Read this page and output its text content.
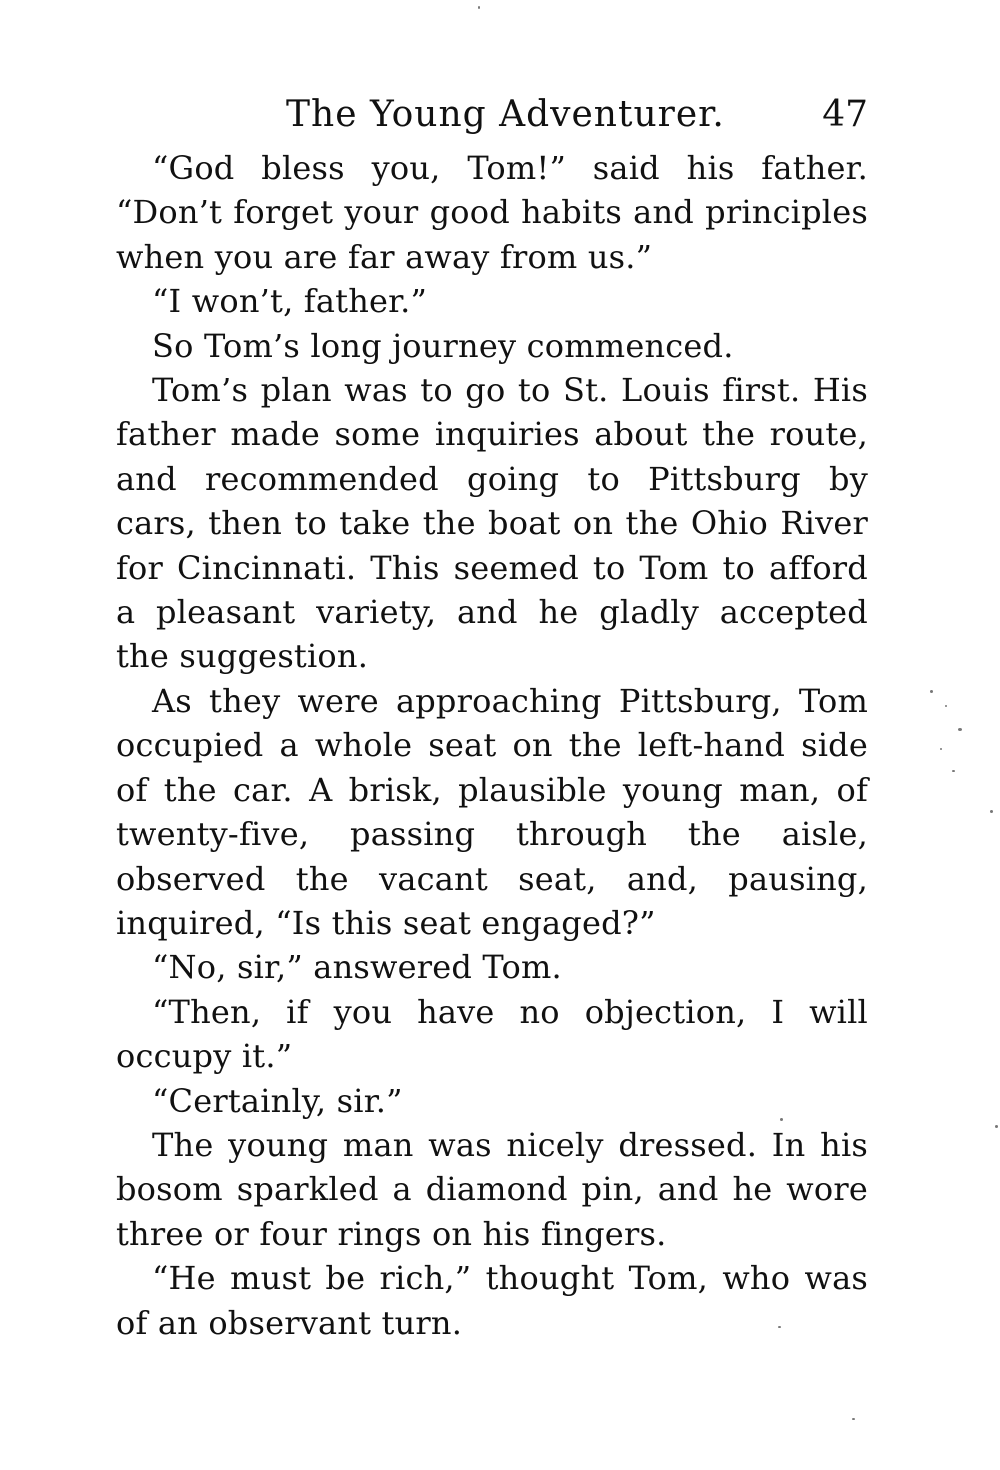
The Young Adventurer.	47

“God bless you, Tom!” said his father. “Don’t forget your good habits and principles when you are far away from us.”

“I won’t, father.”

So Tom’s long journey commenced.

Tom’s plan was to go to St. Louis first. His father made some inquiries about the route, and recommended going to Pittsburg by cars, then to take the boat on the Ohio River for Cincinnati. This seemed to Tom to afford a pleasant variety, and he gladly accepted the suggestion.

As they were approaching Pittsburg, Tom occupied a whole seat on the left-hand side of the car. A brisk, plausible young man, of twenty-five, passing through the aisle, observed the vacant seat, and, pausing, inquired, “Is this seat engaged?”

“No, sir,” answered Tom.

“Then, if you have no objection, I will occupy it.”

“Certainly, sir.”

The young man was nicely dressed. In his bosom sparkled a diamond pin, and he wore three or four rings on his fingers.

“He must be rich,” thought Tom, who was of an observant turn.
